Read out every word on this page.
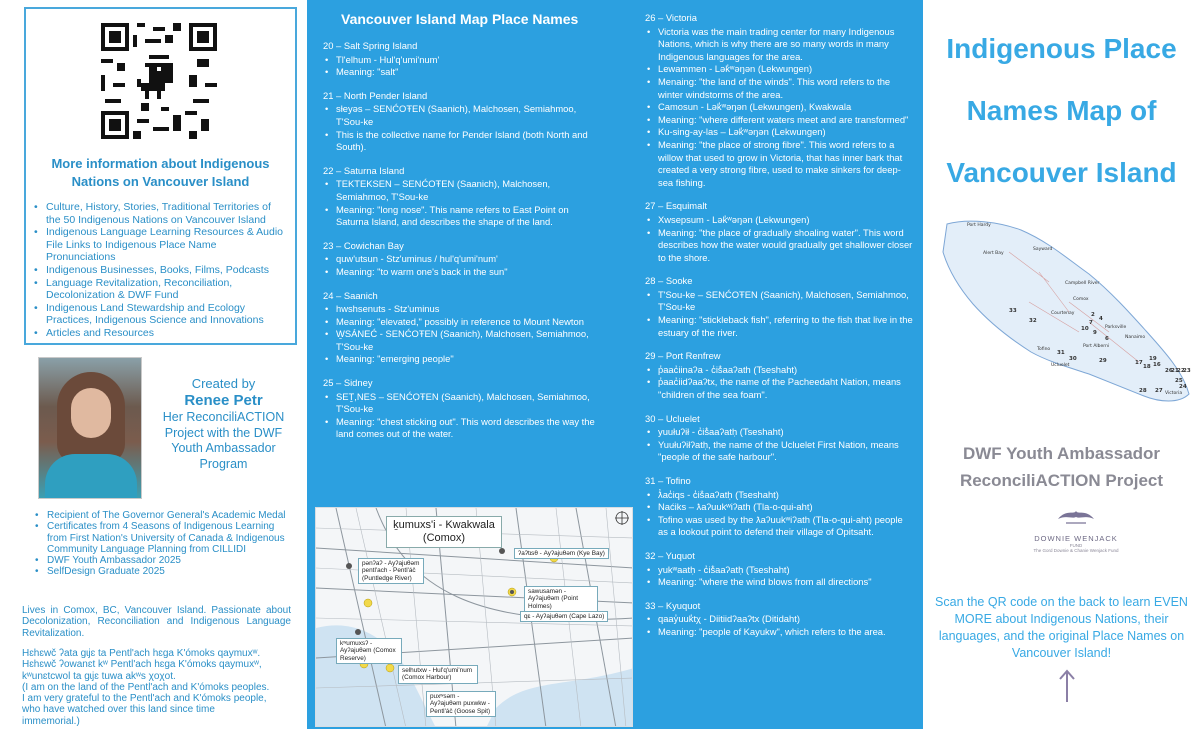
More information about Indigenous Nations on Vancouver Island
• Culture, History, Stories, Traditional Territories of the 50 Indigenous Nations on Vancouver Island
• Indigenous Language Learning Resources & Audio File Links to Indigenous Place Name Pronunciations
• Indigenous Businesses, Books, Films, Podcasts
• Language Revitalization, Reconciliation, Decolonization & DWF Fund
• Indigenous Land Stewardship and Ecology Practices, Indigenous Science and Innovations
• Articles and Resources
Created by
Renee Petr
Her ReconciliACTION Project with the DWF Youth Ambassador Program
• Recipient of The Governor General's Academic Medal
• Certificates from 4 Seasons of Indigenous Learning from First Nation's University of Canada & Indigenous Community Language Planning from CILLIDI
• DWF Youth Ambassador 2025
• SelfDesign Graduate 2025
Lives in Comox, BC, Vancouver Island. Passionate about Decolonization, Reconciliation and Indigenous Language Revitalization.
Hɛhɛwč ʔata gɩjɛ ta Pentl'ach hɛga K'ómoks qaymuxʷ.
Hɛhɛwč ʔowanɛt kʷ Pentl'ach hɛga K'ómoks qaymuxʷ,
kʷunɛtcwol ta gɩjɛ tuwa akʷs χoχot.
(I am on the land of the Pentl'ach and K'ómoks peoples.
I am very grateful to the Pentl'ach and K'ómoks people,
who have watched over this land since time
immemorial.)
Vancouver Island Map Place Names
20 – Salt Spring Island
• Tl'elhum - Hul'q'umi'num'
• Meaning: "salt"
21 – North Pender Island
• sƚeyəs – SENĆOŦEN (Saanich), Malchosen, Semiahmoo, T'Sou-ke
• This is the collective name for Pender Island (both North and South).
22 – Saturna Island
• TEKTEKSEN – SENĆOŦEN (Saanich), Malchosen, Semiahmoo, T'Sou-ke
• Meaning: "long nose". This name refers to East Point on Saturna Island, and describes the shape of the land.
23 – Cowichan Bay
• quw'utsun - Stz'uminus / hul'q'umi'num'
• Meaning: "to warm one's back in the sun"
24 – Saanich
• hwshsenuts - Stz'uminus
• Meaning: "elevated," possibly in reference to Mount Newton
• W̱SÁNEĆ - SENĆOŦEN (Saanich), Malchosen, Semiahmoo, T'Sou-ke
• Meaning: "emerging people"
25 – Sidney
• SEṮ,NES – SENĆOŦEN (Saanich), Malchosen, Semiahmoo, T'Sou-ke
• Meaning: "chest sticking out". This word describes the way the land comes out of the water.
26 – Victoria
• Victoria was the main trading center for many Indigenous Nations, which is why there are so many words in many Indigenous languages for the area.
• Lewammen - Lək̓ʷəŋən (Lekwungen)
• Menaing: "the land of the winds". This word refers to the winter windstorms of the area.
• Camosun - Lək̓ʷəŋən (Lekwungen), Kwakwala
• Meaning: "where different waters meet and are transformed"
• Ku-sing-ay-las – Lək̓ʷəŋən (Lekwungen)
• Meaning: "the place of strong fibre". This word refers to a willow that used to grow in Victoria, that has inner bark that created a very strong fibre, used to make sinkers for deep-sea fishing.
27 – Esquimalt
• Xwsepsum - Lək̓ʷəŋən (Lekwungen)
• Meaning: "the place of gradually shoaling water". This word describes how the water would gradually get shallower closer to the shore.
28 – Sooke
• T'Sou-ke – SENĆOŦEN (Saanich), Malchosen, Semiahmoo, T'Sou-ke
• Meaning: "stickleback fish", referring to the fish that live in the estuary of the river.
29 – Port Renfrew
• p̓aac̓iinaʔa - c̓iš̓aaʔath (Tseshaht)
• p̓aac̓iidʔaaʔtx, the name of the Pacheedaht Nation, means "children of the sea foam".
30 – Ucluelet
• yuułuʔił - c̓iš̓aaʔatḥ (Tseshaht)
• Yuułuʔiłʔatḥ, the name of the Ucluelet First Nation, means "people of the safe harbour".
31 – Tofino
• ƛ̓ac̓iqs - c̓iš̓aaʔatḥ (Tseshaht)
• Naćiks – ƛaʔuukʷiʔath (Tla-o-qui-aht)
• Tofino was used by the ƛaʔuukʷiʔath (Tla-o-qui-aht) people as a lookout point to defend their village of Opitsaht.
32 – Yuquot
• yukʷaatḥ - c̓iš̓aaʔatḥ (Tseshaht)
• Meaning: "where the wind blows from all directions"
33 – Kyuquot
• qaay̓uuk̓tχ - Diitiidʔaaʔtx (Ditidaht)
• Meaning: "people of Kayukw", which refers to the area.
ḵumuxs'i - Kwakwala (Comox)
ʔaʔtɩsθ - Ayʔajuθəm (Kye Bay)
pənʔaʔ - Ayʔajuθəm pentl'ach - Pentl'áč (Puntledge River)
sawusamən - Ayʔajuθəm (Point Holmes)
qɛ - Ayʔajuθəm (Cape Lazo)
kʷumuxsʔ - Ayʔajuθəm (Comox Reserve)
selhutxw - Hul'q'umi'num (Comox Harbour)
puxʷsəm - Ayʔajuθəm puxwkw - Pentl'áč (Goose Spit)
Indigenous Place
Names Map of
Vancouver Island
Port Hardy
Sayward
Alert Bay
Campbell River
Comox
Courtenay
Parksville
Nanaimo
Port Alberni
Tofino
Ucluelet
Victoria
33
32
2
4
7
10
9
6
30
31
29
28
19
17
18 16
26
21
22
23
25
27
24
DWF Youth Ambassador ReconciliACTION Project
DOWNIE WENJACK
FUND
The Gord Downie & Chanie Wenjack Fund
Scan the QR code on the back to learn EVEN MORE about Indigenous Nations, their languages, and the original Place Names on Vancouver Island!
